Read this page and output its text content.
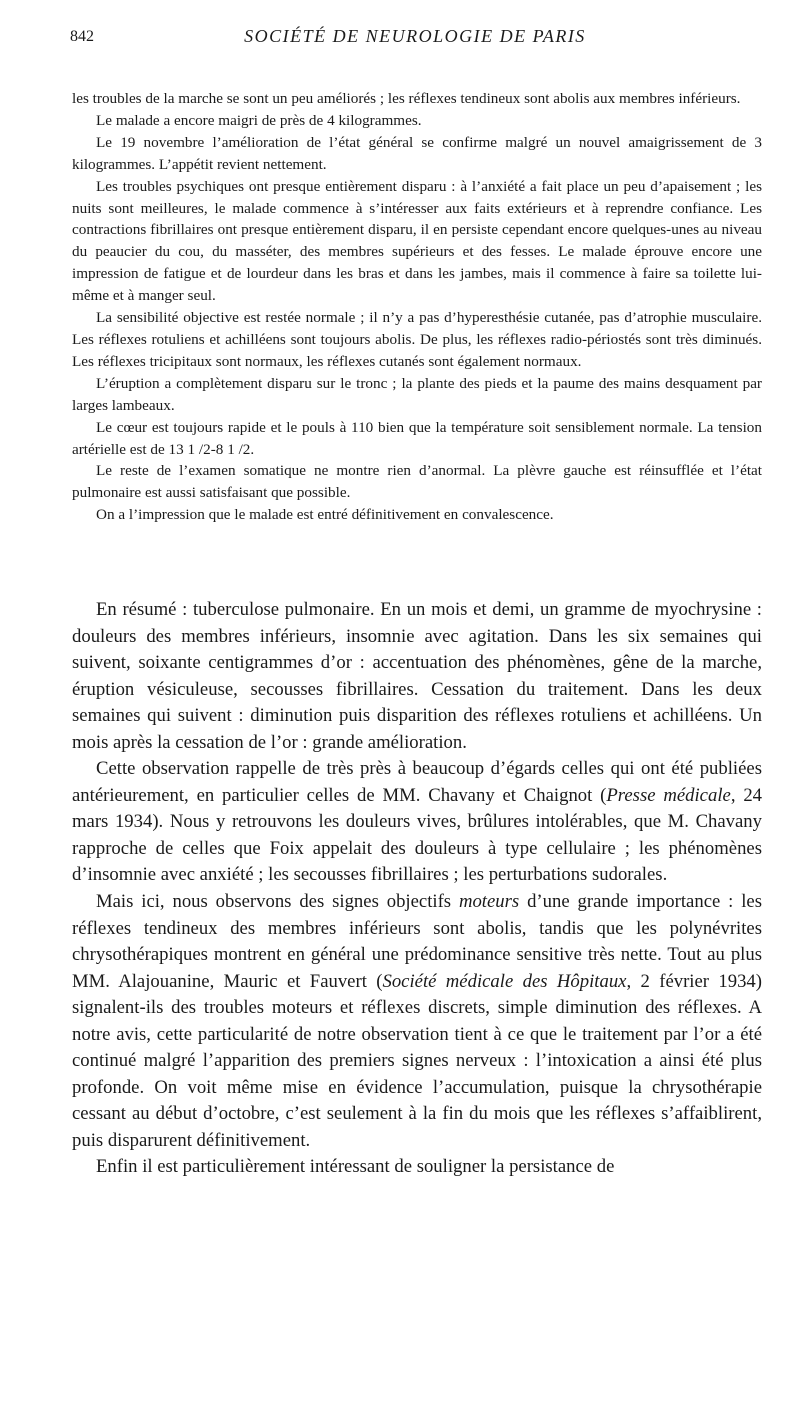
842	SOCIÉTÉ DE NEUROLOGIE DE PARIS

les troubles de la marche se sont un peu améliorés ; les réflexes tendineux sont abolis aux membres inférieurs.

Le malade a encore maigri de près de 4 kilogrammes.

Le 19 novembre l’amélioration de l’état général se confirme malgré un nouvel amaigrissement de 3 kilogrammes. L’appétit revient nettement.

Les troubles psychiques ont presque entièrement disparu : à l’anxiété a fait place un peu d’apaisement ; les nuits sont meilleures, le malade commence à s’intéresser aux faits extérieurs et à reprendre confiance. Les contractions fibrillaires ont presque entièrement disparu, il en persiste cependant encore quelques-unes au niveau du peaucier du cou, du masséter, des membres supérieurs et des fesses. Le malade éprouve encore une impression de fatigue et de lourdeur dans les bras et dans les jambes, mais il commence à faire sa toilette lui-même et à manger seul.

La sensibilité objective est restée normale ; il n’y a pas d’hyperesthésie cutanée, pas d’atrophie musculaire. Les réflexes rotuliens et achilléens sont toujours abolis. De plus, les réflexes radio-périostés sont très diminués. Les réflexes tricipitaux sont normaux, les réflexes cutanés sont également normaux.

L’éruption a complètement disparu sur le tronc ; la plante des pieds et la paume des mains desquament par larges lambeaux.

Le cœur est toujours rapide et le pouls à 110 bien que la température soit sensiblement normale. La tension artérielle est de 13 1 /2-8 1 /2.

Le reste de l’examen somatique ne montre rien d’anormal. La plèvre gauche est réinsufflée et l’état pulmonaire est aussi satisfaisant que possible.

On a l’impression que le malade est entré définitivement en convalescence.

En résumé : tuberculose pulmonaire. En un mois et demi, un gramme de myochrysine : douleurs des membres inférieurs, insomnie avec agitation. Dans les six semaines qui suivent, soixante centigrammes d’or : accentuation des phénomènes, gêne de la marche, éruption vésiculeuse, secousses fibrillaires. Cessation du traitement. Dans les deux semaines qui suivent : diminution puis disparition des réflexes rotuliens et achilléens. Un mois après la cessation de l’or : grande amélioration.

Cette observation rappelle de très près à beaucoup d’égards celles qui ont été publiées antérieurement, en particulier celles de MM. Chavany et Chaignot (Presse médicale, 24 mars 1934). Nous y retrouvons les douleurs vives, brûlures intolérables, que M. Chavany rapproche de celles que Foix appelait des douleurs à type cellulaire ; les phénomènes d’insomnie avec anxiété ; les secousses fibrillaires ; les perturbations sudorales.

Mais ici, nous observons des signes objectifs moteurs d’une grande importance : les réflexes tendineux des membres inférieurs sont abolis, tandis que les polynévrites chrysothérapiques montrent en général une prédominance sensitive très nette. Tout au plus MM. Alajouanine, Mauric et Fauvert (Société médicale des Hôpitaux, 2 février 1934) signalent-ils des troubles moteurs et réflexes discrets, simple diminution des réflexes. A notre avis, cette particularité de notre observation tient à ce que le traitement par l’or a été continué malgré l’apparition des premiers signes nerveux : l’intoxication a ainsi été plus profonde. On voit même mise en évidence l’accumulation, puisque la chrysothérapie cessant au début d’octobre, c’est seulement à la fin du mois que les réflexes s’affaiblirent, puis disparurent définitivement.

Enfin il est particulièrement intéressant de souligner la persistance de
